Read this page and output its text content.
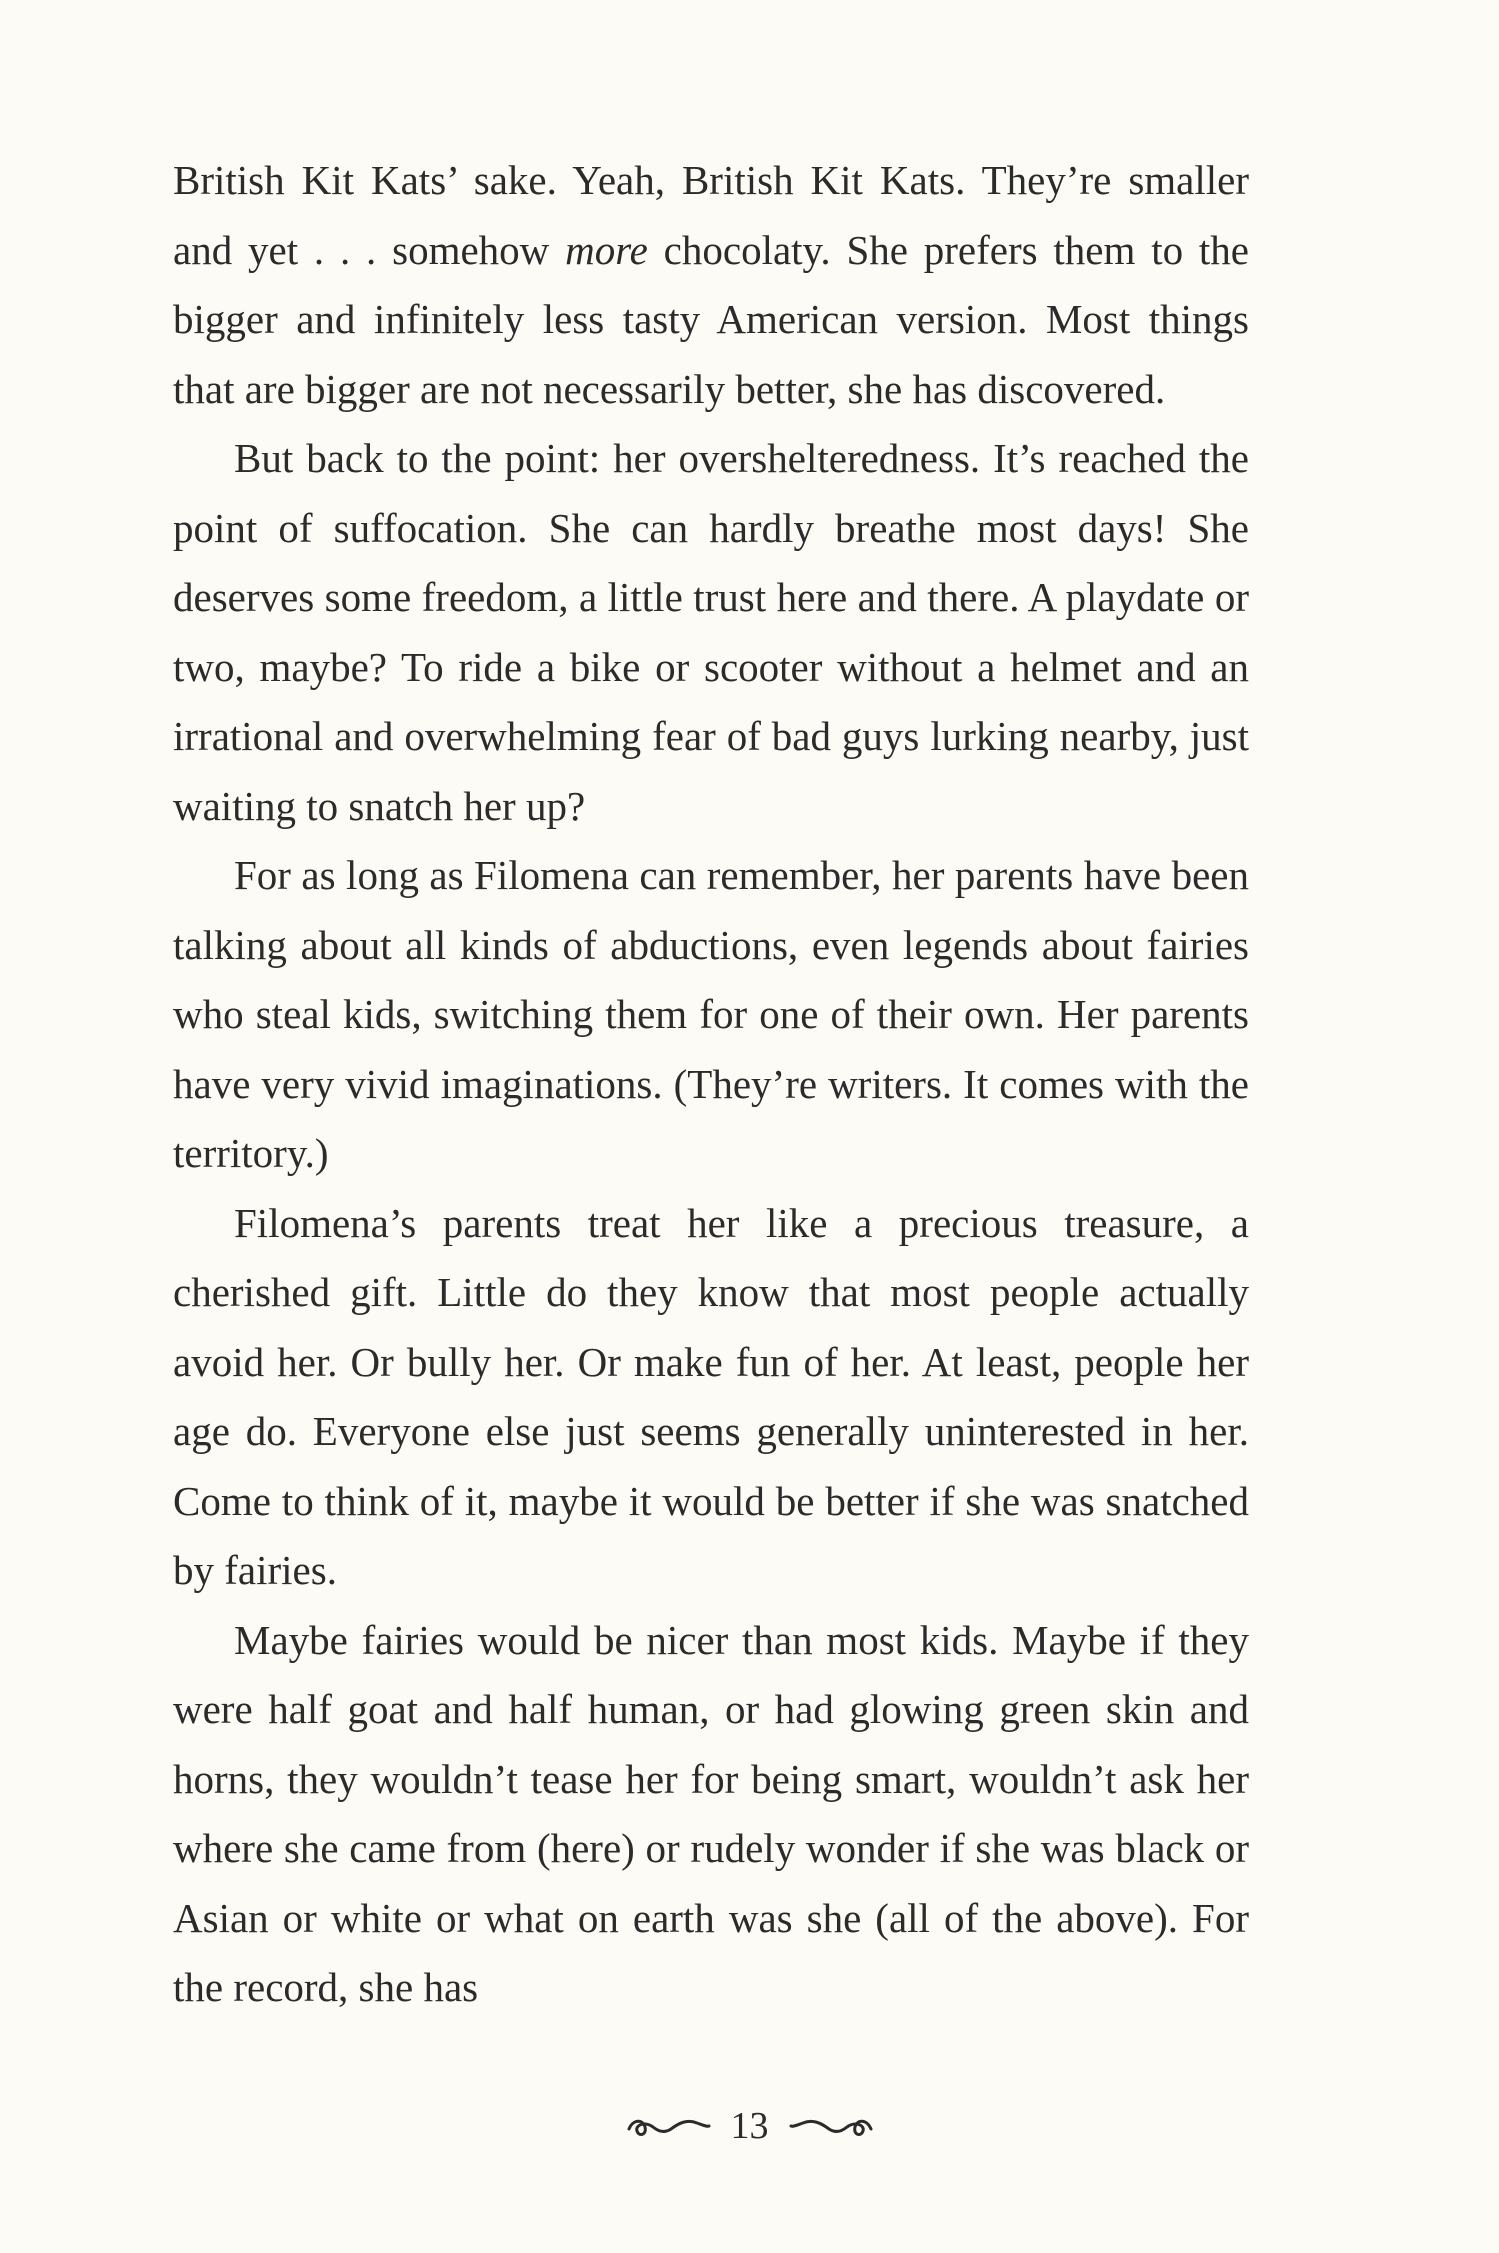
British Kit Kats’ sake. Yeah, British Kit Kats. They’re smaller and yet . . . somehow more chocolaty. She prefers them to the bigger and infinitely less tasty American version. Most things that are bigger are not necessarily better, she has discovered.

But back to the point: her overshelteredness. It’s reached the point of suffocation. She can hardly breathe most days! She deserves some freedom, a little trust here and there. A playdate or two, maybe? To ride a bike or scooter without a helmet and an irrational and overwhelming fear of bad guys lurking nearby, just waiting to snatch her up?

For as long as Filomena can remember, her parents have been talking about all kinds of abductions, even legends about fairies who steal kids, switching them for one of their own. Her parents have very vivid imaginations. (They’re writers. It comes with the territory.)

Filomena’s parents treat her like a precious treasure, a cherished gift. Little do they know that most people actually avoid her. Or bully her. Or make fun of her. At least, people her age do. Everyone else just seems generally uninterested in her. Come to think of it, maybe it would be better if she was snatched by fairies.

Maybe fairies would be nicer than most kids. Maybe if they were half goat and half human, or had glowing green skin and horns, they wouldn’t tease her for being smart, wouldn’t ask her where she came from (here) or rudely wonder if she was black or Asian or white or what on earth was she (all of the above). For the record, she has

13
